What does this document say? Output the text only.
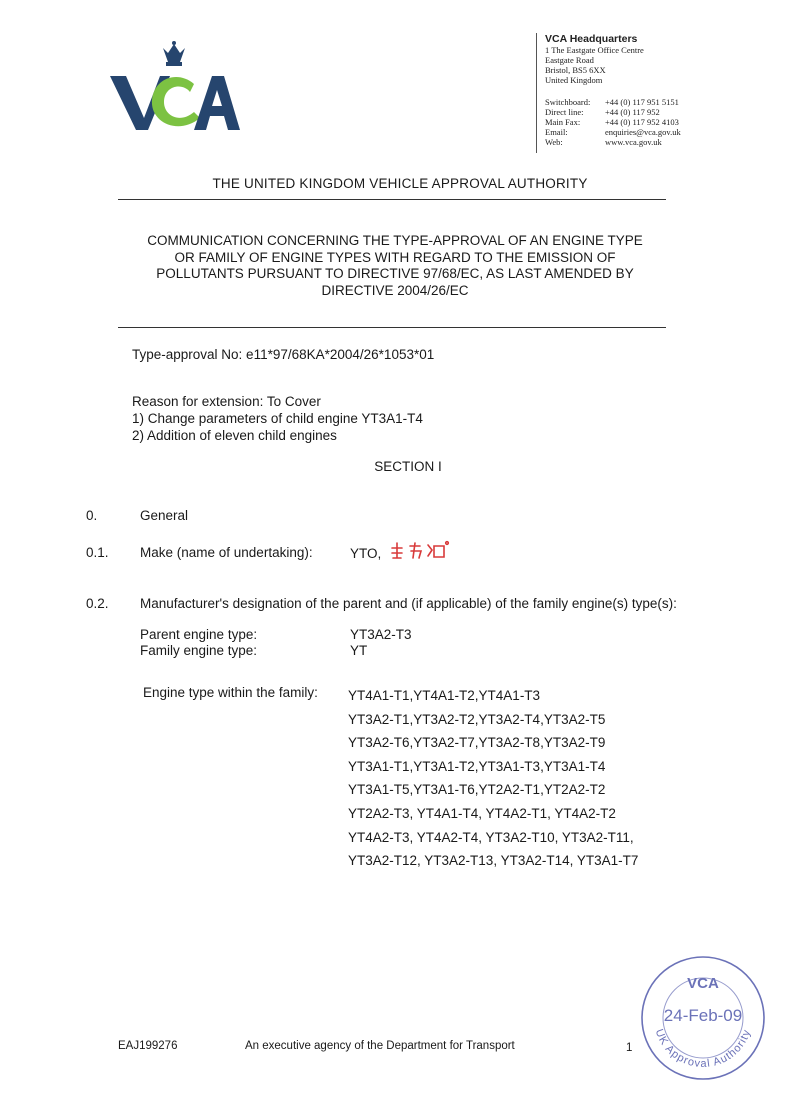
VCA Headquarters
1 The Eastgate Office Centre
Eastgate Road
Bristol, BS5 6XX
United Kingdom
Switchboard:	+44 (0) 117 951 5151
Direct line:	+44 (0) 117 952
Main Fax:	+44 (0) 117 952 4103
Email:	enquiries@vca.gov.uk
Web:	www.vca.gov.uk
THE UNITED KINGDOM VEHICLE APPROVAL AUTHORITY
COMMUNICATION CONCERNING THE TYPE-APPROVAL OF AN ENGINE TYPE
OR FAMILY OF ENGINE TYPES WITH REGARD TO THE EMISSION OF
POLLUTANTS PURSUANT TO DIRECTIVE 97/68/EC, AS LAST AMENDED BY
DIRECTIVE 2004/26/EC
Type-approval No: e11*97/68KA*2004/26*1053*01
Reason for extension: To Cover
1) Change parameters of child engine YT3A1-T4
2) Addition of eleven child engines
SECTION I
0.	General
0.1. Make (name of undertaking):	YTO,
0.2. Manufacturer's designation of the parent and (if applicable) of the family engine(s) type(s):
Parent engine type:	YT3A2-T3
Family engine type:	YT
Engine type within the family: YT4A1-T1,YT4A1-T2,YT4A1-T3
YT3A2-T1,YT3A2-T2,YT3A2-T4,YT3A2-T5
YT3A2-T6,YT3A2-T7,YT3A2-T8,YT3A2-T9
YT3A1-T1,YT3A1-T2,YT3A1-T3,YT3A1-T4
YT3A1-T5,YT3A1-T6,YT2A2-T1,YT2A2-T2
YT2A2-T3, YT4A1-T4, YT4A2-T1, YT4A2-T2
YT4A2-T3, YT4A2-T4, YT3A2-T10, YT3A2-T11,
YT3A2-T12, YT3A2-T13, YT3A2-T14, YT3A1-T7
EAJ199276	An executive agency of the Department for Transport	1
VCA
24-Feb-09
UK Approval Authority
